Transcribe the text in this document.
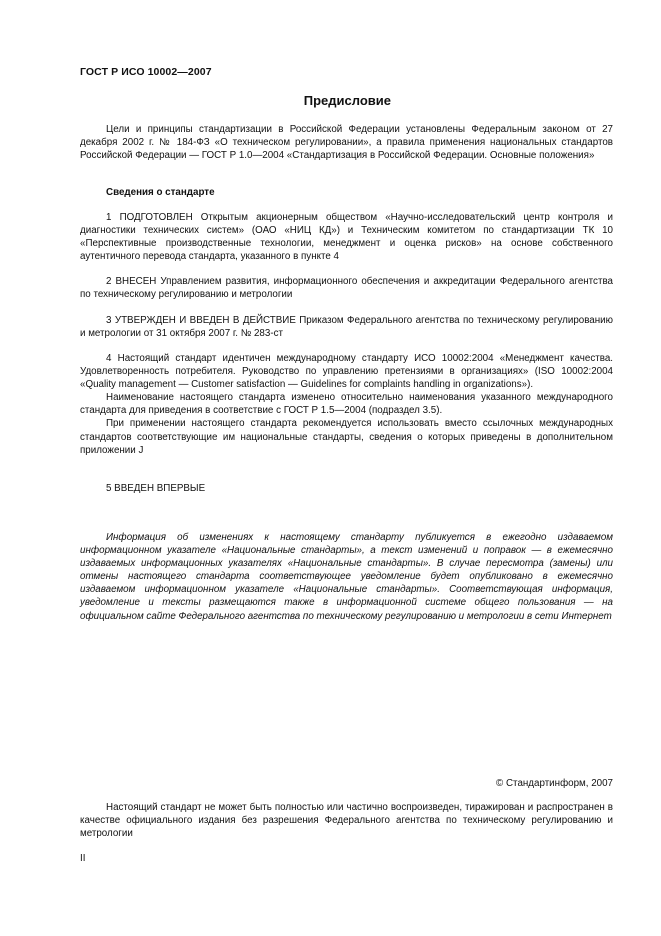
ГОСТ Р ИСО 10002—2007
Предисловие

Цели и принципы стандартизации в Российской Федерации установлены Федеральным законом от 27 декабря 2002 г. № 184-ФЗ «О техническом регулировании», а правила применения национальных стандартов Российской Федерации — ГОСТ Р 1.0—2004 «Стандартизация в Российской Федерации. Основные положения»

Сведения о стандарте

1 ПОДГОТОВЛЕН Открытым акционерным обществом «Научно-исследовательский центр контроля и диагностики технических систем» (ОАО «НИЦ КД») и Техническим комитетом по стандартизации ТК 10 «Перспективные производственные технологии, менеджмент и оценка рисков» на основе собственного аутентичного перевода стандарта, указанного в пункте 4

2 ВНЕСЕН Управлением развития, информационного обеспечения и аккредитации Федерального агентства по техническому регулированию и метрологии

3 УТВЕРЖДЕН И ВВЕДЕН В ДЕЙСТВИЕ Приказом Федерального агентства по техническому регулированию и метрологии от 31 октября 2007 г. № 283-ст

4 Настоящий стандарт идентичен международному стандарту ИСО 10002:2004 «Менеджмент качества. Удовлетворенность потребителя. Руководство по управлению претензиями в организациях» (ISO 10002:2004 «Quality management — Customer satisfaction — Guidelines for complaints handling in organizations»).

Наименование настоящего стандарта изменено относительно наименования указанного международного стандарта для приведения в соответствие с ГОСТ Р 1.5—2004 (подраздел 3.5).

При применении настоящего стандарта рекомендуется использовать вместо ссылочных международных стандартов соответствующие им национальные стандарты, сведения о которых приведены в дополнительном приложении J

5 ВВЕДЕН ВПЕРВЫЕ

Информация об изменениях к настоящему стандарту публикуется в ежегодно издаваемом информационном указателе «Национальные стандарты», а текст изменений и поправок — в ежемесячно издаваемых информационных указателях «Национальные стандарты». В случае пересмотра (замены) или отмены настоящего стандарта соответствующее уведомление будет опубликовано в ежемесячно издаваемом информационном указателе «Национальные стандарты». Соответствующая информация, уведомление и тексты размещаются также в информационной системе общего пользования — на официальном сайте Федерального агентства по техническому регулированию и метрологии в сети Интернет

© Стандартинформ, 2007

Настоящий стандарт не может быть полностью или частично воспроизведен, тиражирован и распространен в качестве официального издания без разрешения Федерального агентства по техническому регулированию и метрологии

II
